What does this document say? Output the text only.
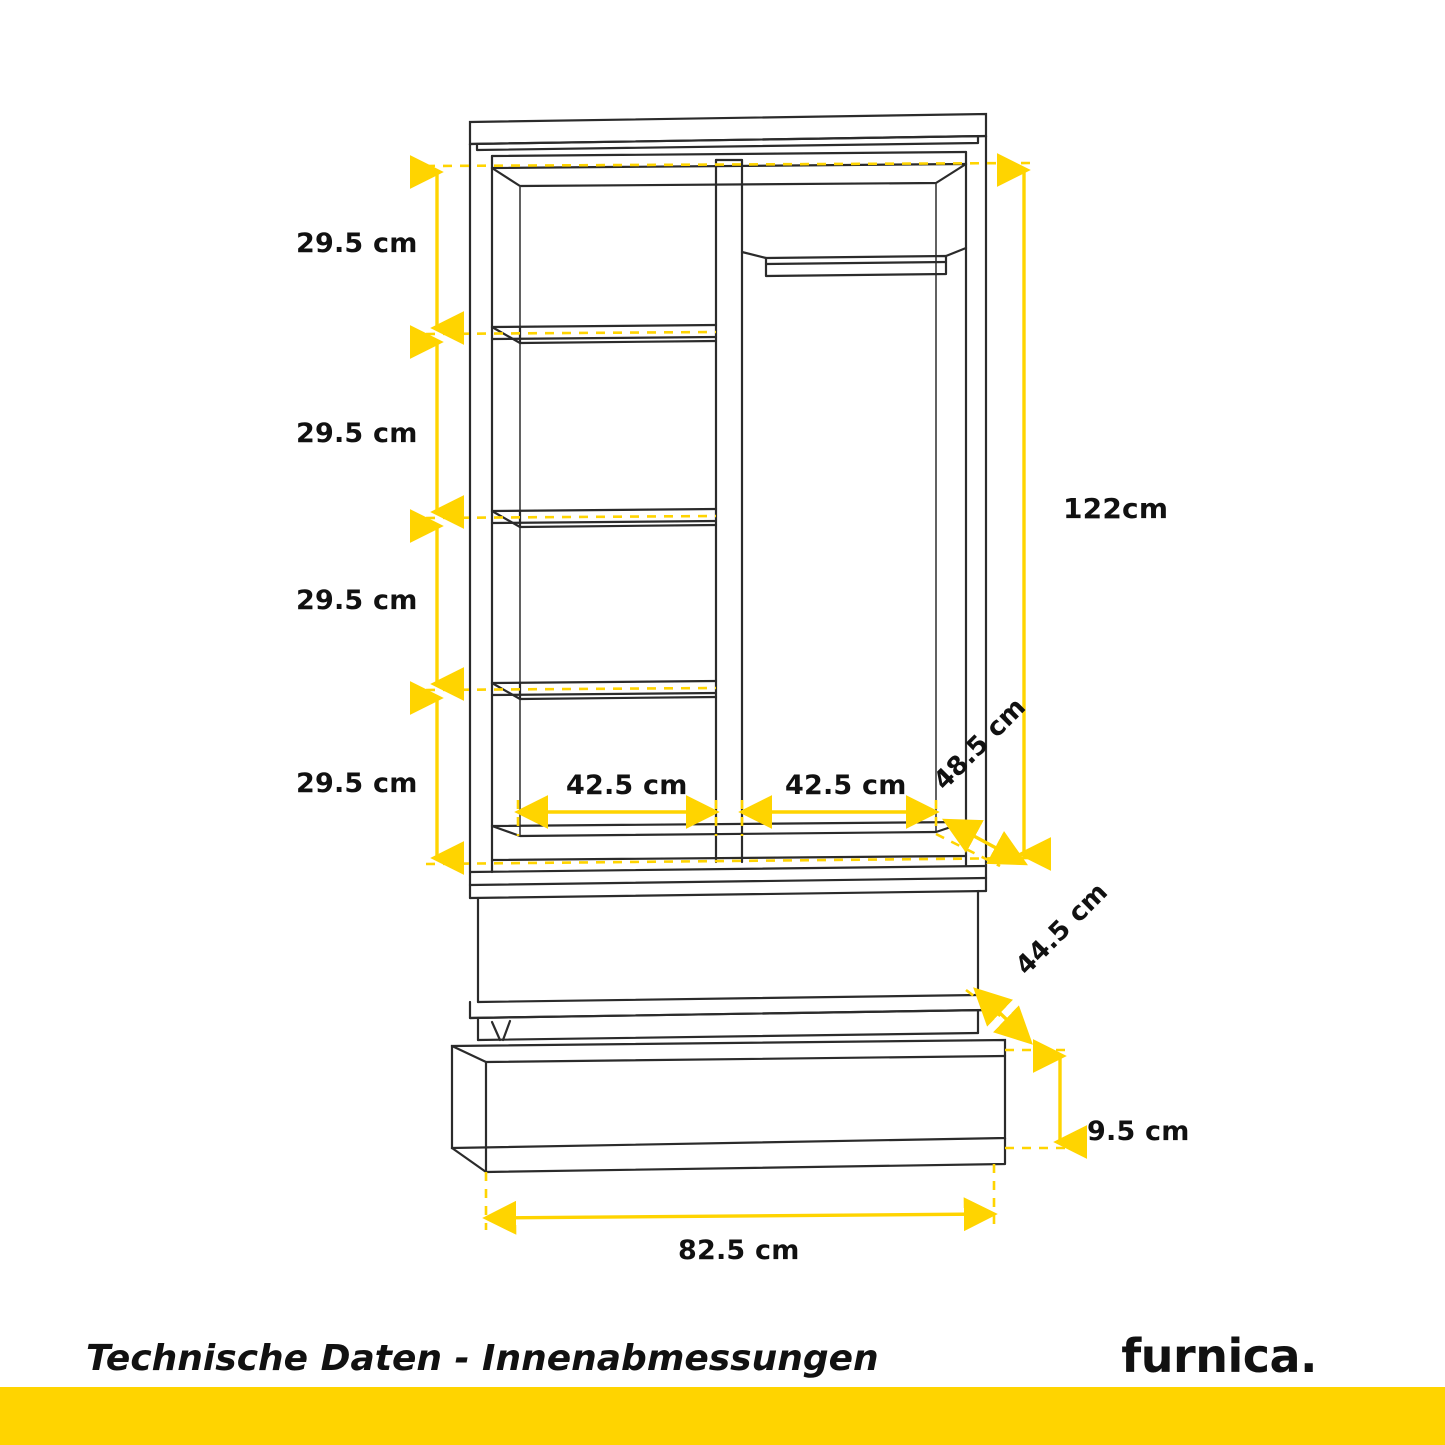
29.5 cm
29.5 cm
29.5 cm
29.5 cm
122cm
42.5 cm	42.5 cm 48.5 cm
44.5 cm
9.5 cm
82.5 cm
Technische Daten - Innenabmessungen	furnica.
